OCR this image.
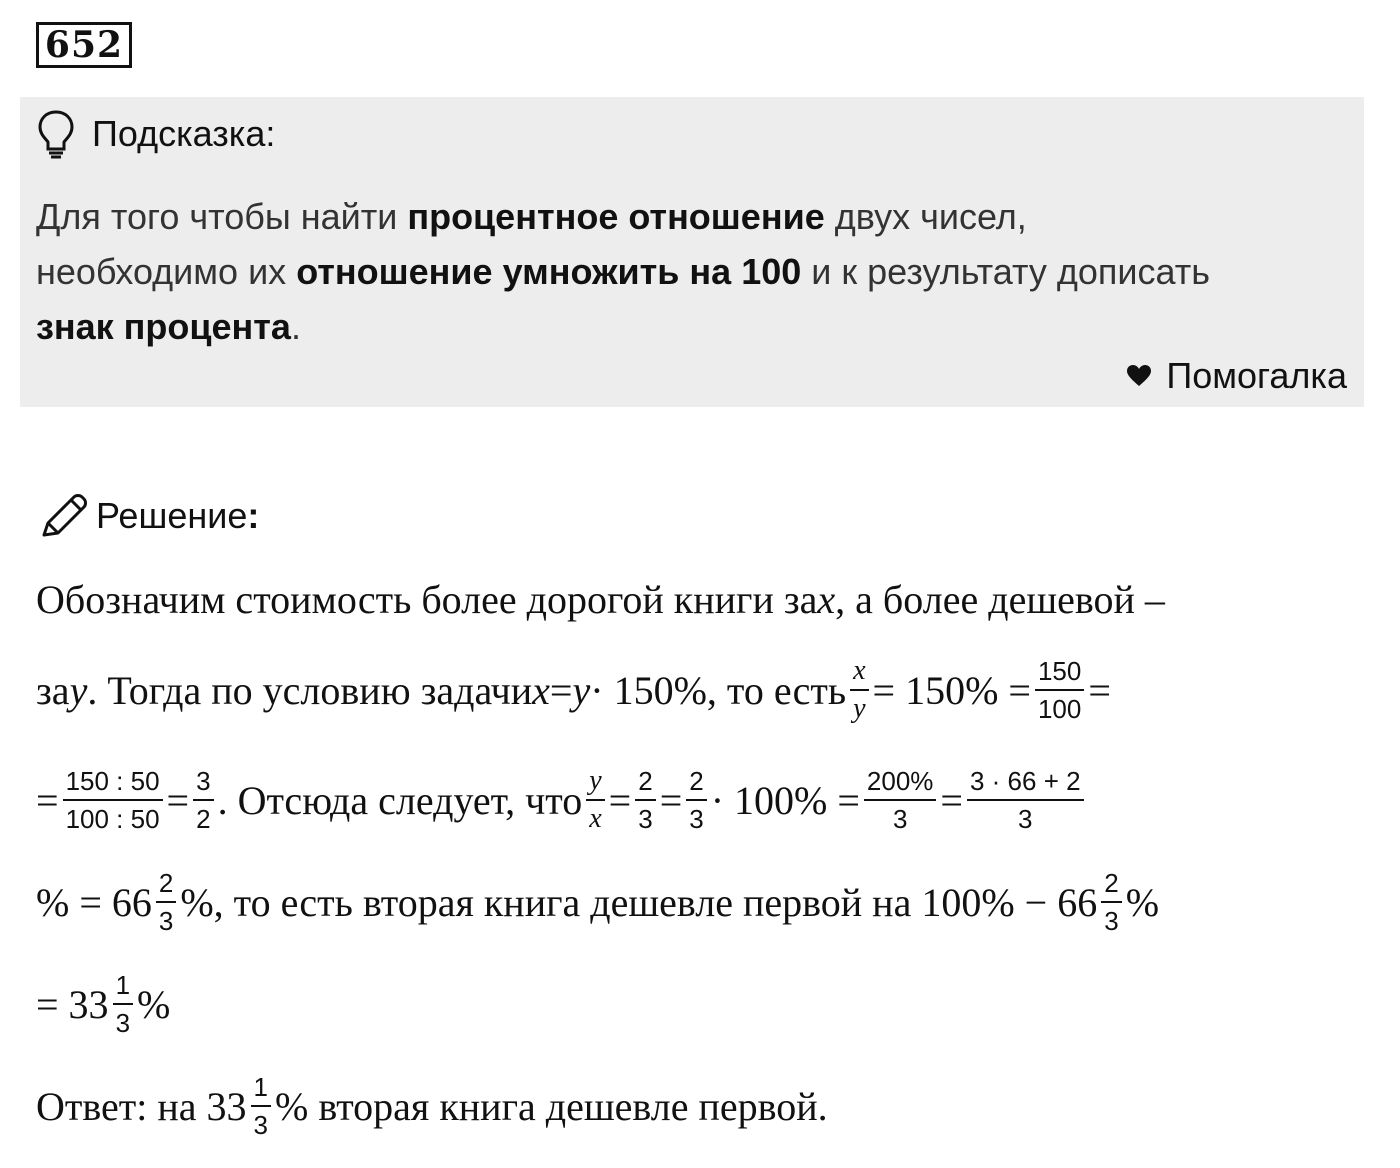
652
Подсказка:
Для того чтобы найти процентное отношение двух чисел,
необходимо их отношение умножить на 100 и к результату дописать
знак процента.
Помогалка
Решение :
Обозначим стоимость более дорогой книги за x , а более дешевой –
за y . Тогда по условию задачи x = y · 150%, то есть $\frac{x}{y} = 150\% = \frac{150}{100}$ =
= $\frac{150 : 50}{100 : 50} = \frac{3}{2}$ . Отсюда следует, что $\frac{y}{x} = \frac{2}{3} = \frac{2}{3} \cdot 100\% = \frac{200\%}{3} = \frac{3 \cdot 66 + 2}{3}$
% = $66 \frac{2}{3}$ %, то есть вторая книга дешевле первой на $100\% - 66 \frac{2}{3}$ %
= $33 \frac{1}{3}$ %
Ответ: на $33 \frac{1}{3}$ % вторая книга дешевле первой.
